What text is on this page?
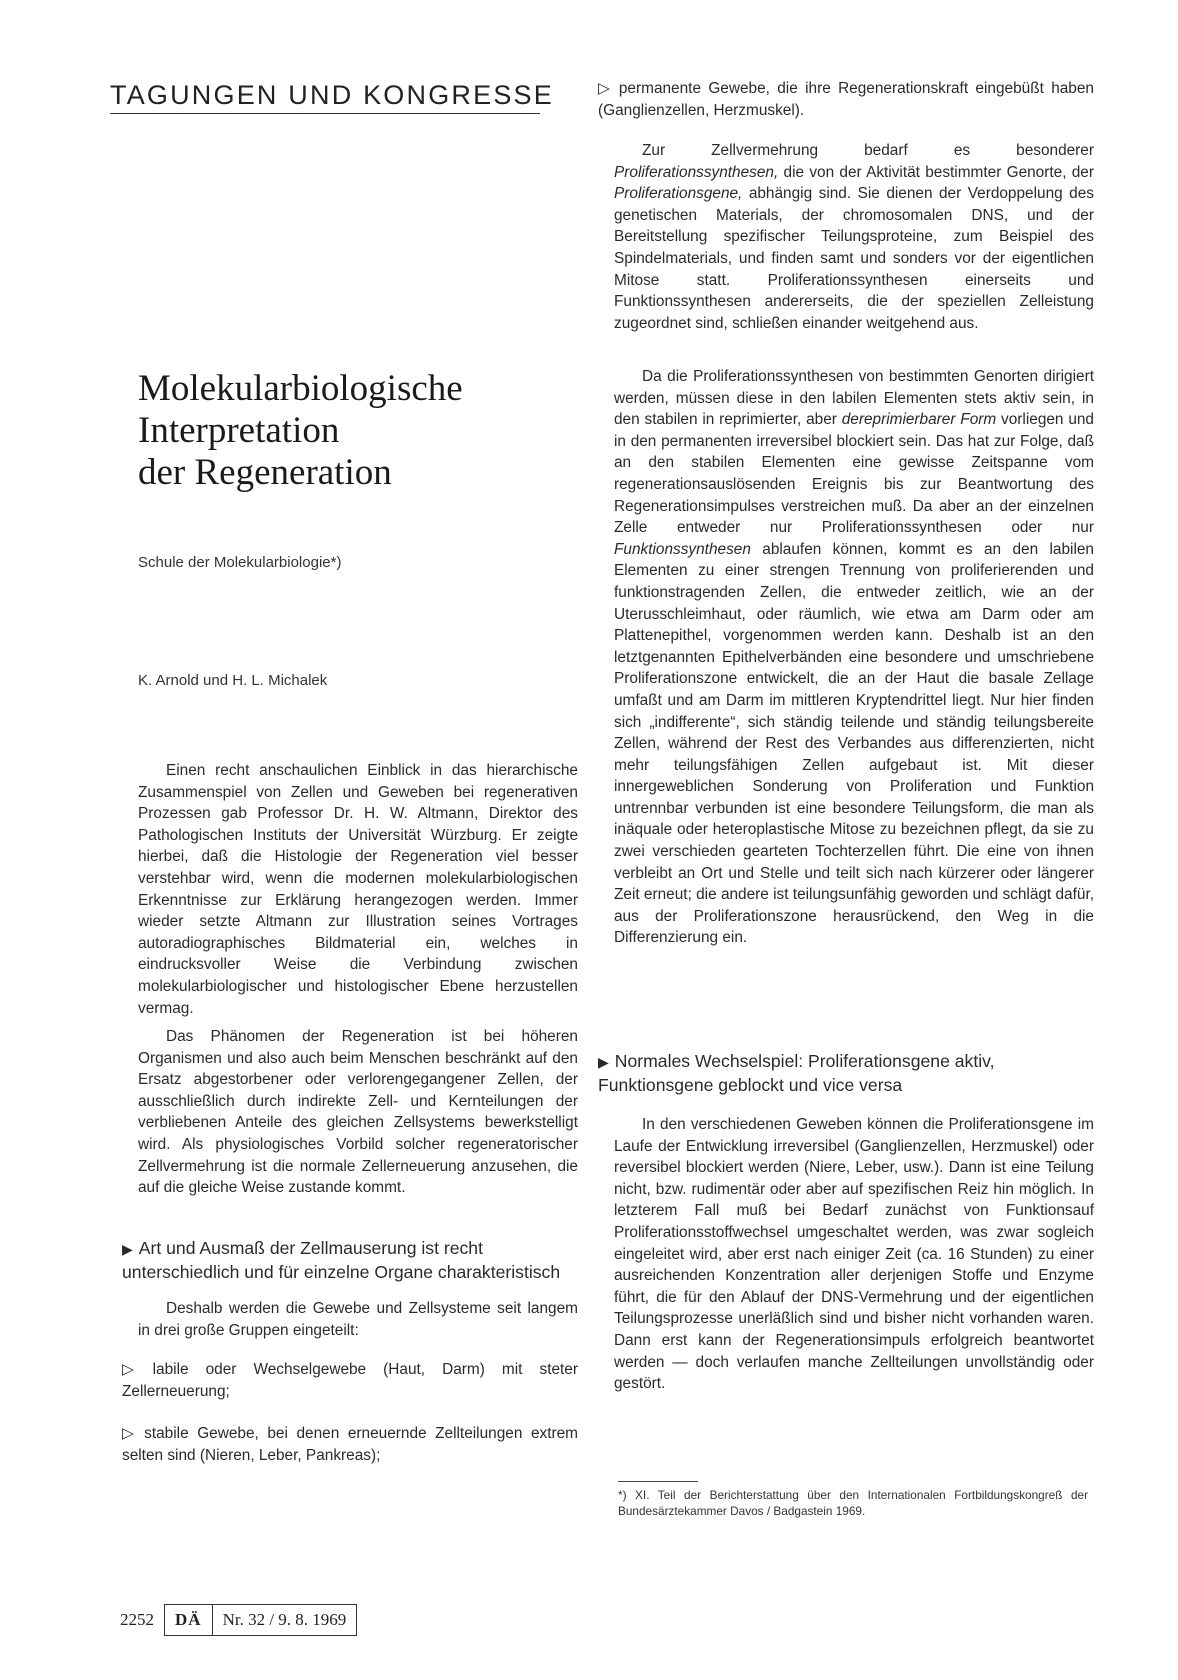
TAGUNGEN UND KONGRESSE
Molekularbiologische
Interpretation
der Regeneration
Schule der Molekularbiologie*)
K. Arnold und H. L. Michalek

Einen recht anschaulichen Einblick in das hierarchische Zusammenspiel von Zellen und Geweben bei regenerativen Prozessen gab Professor Dr. H. W. Altmann, Direktor des Pathologischen Instituts der Universität Würzburg. Er zeigte hierbei, daß die Histologie der Regeneration viel besser verstehbar wird, wenn die modernen molekularbiologischen Erkenntnisse zur Erklärung herangezogen werden. Immer wieder setzte Altmann zur Illustration seines Vortrages autoradiographisches Bildmaterial ein, welches in eindrucksvoller Weise die Verbindung zwischen molekularbiologischer und histologischer Ebene herzustellen vermag.

Das Phänomen der Regeneration ist bei höheren Organismen und also auch beim Menschen beschränkt auf den Ersatz abgestorbener oder verlorengegangener Zellen, der ausschließlich durch indirekte Zell- und Kernteilungen der verbliebenen Anteile des gleichen Zellsystems bewerkstelligt wird. Als physiologisches Vorbild solcher regeneratorischer Zellvermehrung ist die normale Zellerneuerung anzusehen, die auf die gleiche Weise zustande kommt.

▶ Art und Ausmaß der Zellmauserung ist recht unterschiedlich und für einzelne Organe charakteristisch

Deshalb werden die Gewebe und Zellsysteme seit langem in drei große Gruppen eingeteilt:

▷ labile oder Wechselgewebe (Haut, Darm) mit steter Zellerneuerung;

▷ stabile Gewebe, bei denen erneuernde Zellteilungen extrem selten sind (Nieren, Leber, Pankreas);

▷ permanente Gewebe, die ihre Regenerationskraft eingebüßt haben (Ganglienzellen, Herzmuskel).

Zur Zellvermehrung bedarf es besonderer Proliferationssynthesen, die von der Aktivität bestimmter Genorte, der Proliferationsgene, abhängig sind. Sie dienen der Verdoppelung des genetischen Materials, der chromosomalen DNS, und der Bereitstellung spezifischer Teilungsproteine, zum Beispiel des Spindelmaterials, und finden samt und sonders vor der eigentlichen Mitose statt. Proliferationssynthesen einerseits und Funktionssynthesen andererseits, die der speziellen Zelleistung zugeordnet sind, schließen einander weitgehend aus.

Da die Proliferationssynthesen von bestimmten Genorten dirigiert werden, müssen diese in den labilen Elementen stets aktiv sein, in den stabilen in reprimierter, aber dereprimierbarer Form vorliegen und in den permanenten irreversibel blockiert sein. Das hat zur Folge, daß an den stabilen Elementen eine gewisse Zeitspanne vom regenerationsauslösenden Ereignis bis zur Beantwortung des Regenerationsimpulses verstreichen muß. Da aber an der einzelnen Zelle entweder nur Proliferationssynthesen oder nur Funktionssynthesen ablaufen können, kommt es an den labilen Elementen zu einer strengen Trennung von proliferierenden und funktionstragenden Zellen, die entweder zeitlich, wie an der Uterusschleimhaut, oder räumlich, wie etwa am Darm oder am Plattenepithel, vorgenommen werden kann. Deshalb ist an den letztgenannten Epithelverbänden eine besondere und umschriebene Proliferationszone entwickelt, die an der Haut die basale Zellage umfaßt und am Darm im mittleren Kryptendrittel liegt. Nur hier finden sich „indifferente“, sich ständig teilende und ständig teilungsbereite Zellen, während der Rest des Verbandes aus differenzierten, nicht mehr teilungsfähigen Zellen aufgebaut ist. Mit dieser innergeweblichen Sonderung von Proliferation und Funktion untrennbar verbunden ist eine besondere Teilungsform, die man als inäquale oder heteroplastische Mitose zu bezeichnen pflegt, da sie zu zwei verschieden gearteten Tochterzellen führt. Die eine von ihnen verbleibt an Ort und Stelle und teilt sich nach kürzerer oder längerer Zeit erneut; die andere ist teilungsunfähig geworden und schlägt dafür, aus der Proliferationszone herausrückend, den Weg in die Differenzierung ein.

▶ Normales Wechselspiel: Proliferationsgene aktiv, Funktionsgene geblockt und vice versa

In den verschiedenen Geweben können die Proliferationsgene im Laufe der Entwicklung irreversibel (Ganglienzellen, Herzmuskel) oder reversibel blockiert werden (Niere, Leber, usw.). Dann ist eine Teilung nicht, bzw. rudimentär oder aber auf spezifischen Reiz hin möglich. In letzterem Fall muß bei Bedarf zunächst von Funktionsauf Proliferationsstoffwechsel umgeschaltet werden, was zwar sogleich eingeleitet wird, aber erst nach einiger Zeit (ca. 16 Stunden) zu einer ausreichenden Konzentration aller derjenigen Stoffe und Enzyme führt, die für den Ablauf der DNS-Vermehrung und der eigentlichen Teilungsprozesse unerläßlich sind und bisher nicht vorhanden waren. Dann erst kann der Regenerationsimpuls erfolgreich beantwortet werden — doch verlaufen manche Zellteilungen unvollständig oder gestört.

*) XI. Teil der Berichterstattung über den Internationalen Fortbildungskongreß der Bundesärztekammer Davos / Badgastein 1969.
2252	DÄ	Nr. 32 / 9. 8. 1969
